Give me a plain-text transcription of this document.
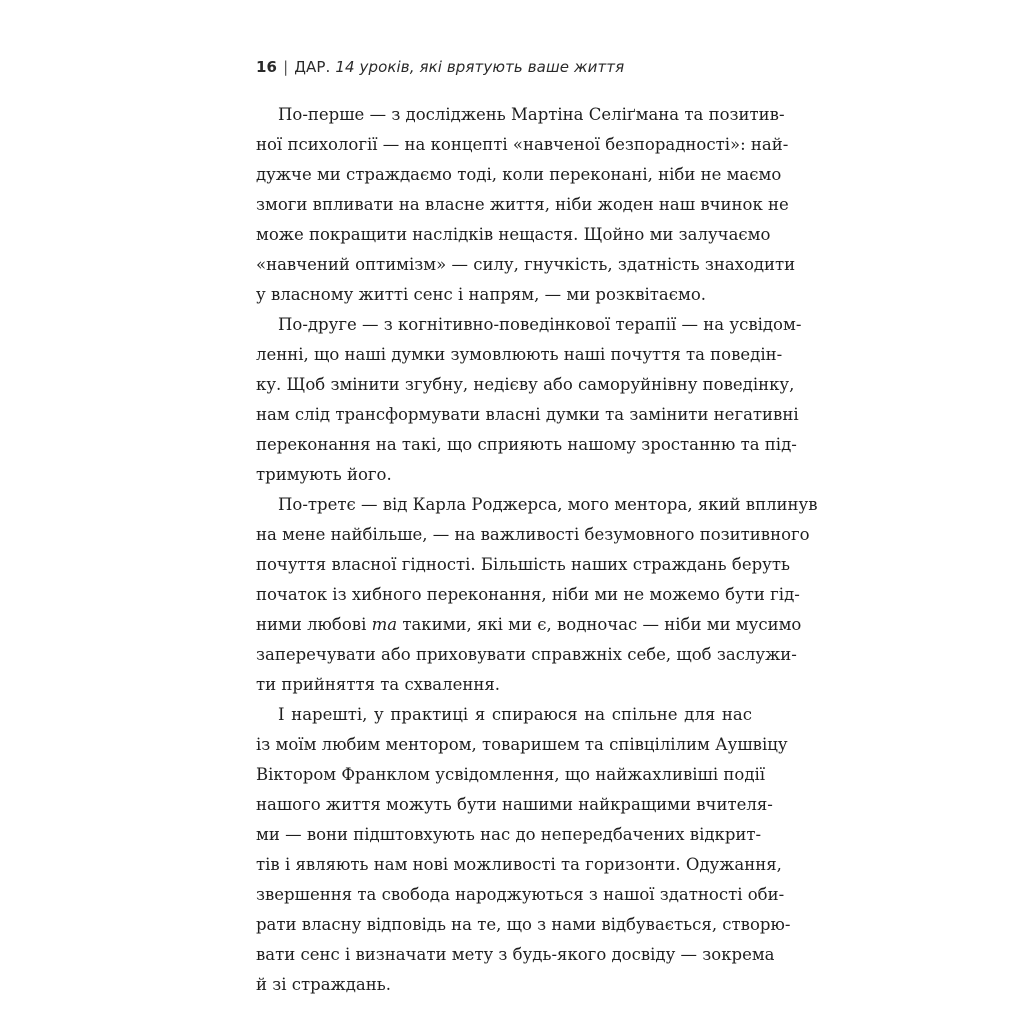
16 | ДАР. 14 уроків, які врятують ваше життя
По-перше — з досліджень Мартіна Селіґмана та позитив-
ної психології — на концепті «навченої безпорадності»: най-
дужче ми страждаємо тоді, коли переконані, ніби не маємо
змоги впливати на власне життя, ніби жоден наш вчинок не
може покращити наслідків нещастя. Щойно ми залучаємо
«навчений оптимізм» — силу, гнучкість, здатність знаходити
у власному житті сенс і напрям, — ми розквітаємо.
По-друге — з когнітивно-поведінкової терапії — на усвідом-
ленні, що наші думки зумовлюють наші почуття та поведін-
ку. Щоб змінити згубну, недієву або саморуйнівну поведінку,
нам слід трансформувати власні думки та замінити негативні
переконання на такі, що сприяють нашому зростанню та під-
тримують його.
По-третє — від Карла Роджерса, мого ментора, який вплинув
на мене найбільше, — на важливості безумовного позитивного
почуття власної гідності. Більшість наших страждань беруть
початок із хибного переконання, ніби ми не можемо бути гід-
ними любові та такими, які ми є, водночас — ніби ми мусимо
заперечувати або приховувати справжніх себе, щоб заслужи-
ти прийняття та схвалення.
І нарешті, у практиці я спираюся на спільне для нас
із моїм любим ментором, товаришем та співцілілим Аушвіцу
Віктором Франклом усвідомлення, що найжахливіші події
нашого життя можуть бути нашими найкращими вчителя-
ми — вони підштовхують нас до непередбачених відкрит-
тів і являють нам нові можливості та горизонти. Одужання,
звершення та свобода народжуються з нашої здатності оби-
рати власну відповідь на те, що з нами відбувається, створю-
вати сенс і визначати мету з будь-якого досвіду — зокрема
й зі страждань.
